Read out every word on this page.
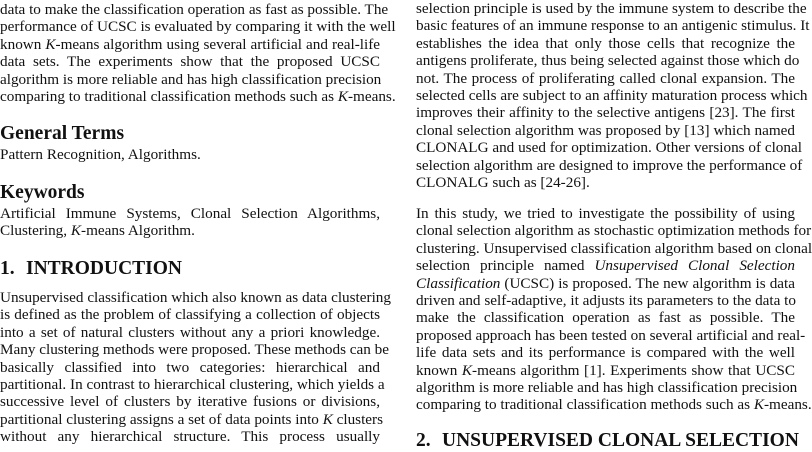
data to make the classification operation as fast as possible. The
performance of UCSC is evaluated by comparing it with the well
known K-means algorithm using several artificial and real-life
data sets. The experiments show that the proposed UCSC
algorithm is more reliable and has high classification precision
comparing to traditional classification methods such as K-means.
General Terms
Pattern Recognition, Algorithms.
Keywords
Artificial Immune Systems, Clonal Selection Algorithms,
Clustering, K-means Algorithm.
1. INTRODUCTION
Unsupervised classification which also known as data clustering
is defined as the problem of classifying a collection of objects
into a set of natural clusters without any a priori knowledge.
Many clustering methods were proposed. These methods can be
basically classified into two categories: hierarchical and
partitional. In contrast to hierarchical clustering, which yields a
successive level of clusters by iterative fusions or divisions,
partitional clustering assigns a set of data points into K clusters
without any hierarchical structure. This process usually
selection principle is used by the immune system to describe the
basic features of an immune response to an antigenic stimulus. It
establishes the idea that only those cells that recognize the
antigens proliferate, thus being selected against those which do
not. The process of proliferating called clonal expansion. The
selected cells are subject to an affinity maturation process which
improves their affinity to the selective antigens [23]. The first
clonal selection algorithm was proposed by [13] which named
CLONALG and used for optimization. Other versions of clonal
selection algorithm are designed to improve the performance of
CLONALG such as [24-26].
In this study, we tried to investigate the possibility of using
clonal selection algorithm as stochastic optimization methods for
clustering. Unsupervised classification algorithm based on clonal
selection principle named Unsupervised Clonal Selection
Classification (UCSC) is proposed. The new algorithm is data
driven and self-adaptive, it adjusts its parameters to the data to
make the classification operation as fast as possible. The
proposed approach has been tested on several artificial and real-
life data sets and its performance is compared with the well
known K-means algorithm [1]. Experiments show that UCSC
algorithm is more reliable and has high classification precision
comparing to traditional classification methods such as K-means.
2. UNSUPERVISED CLONAL SELECTION
